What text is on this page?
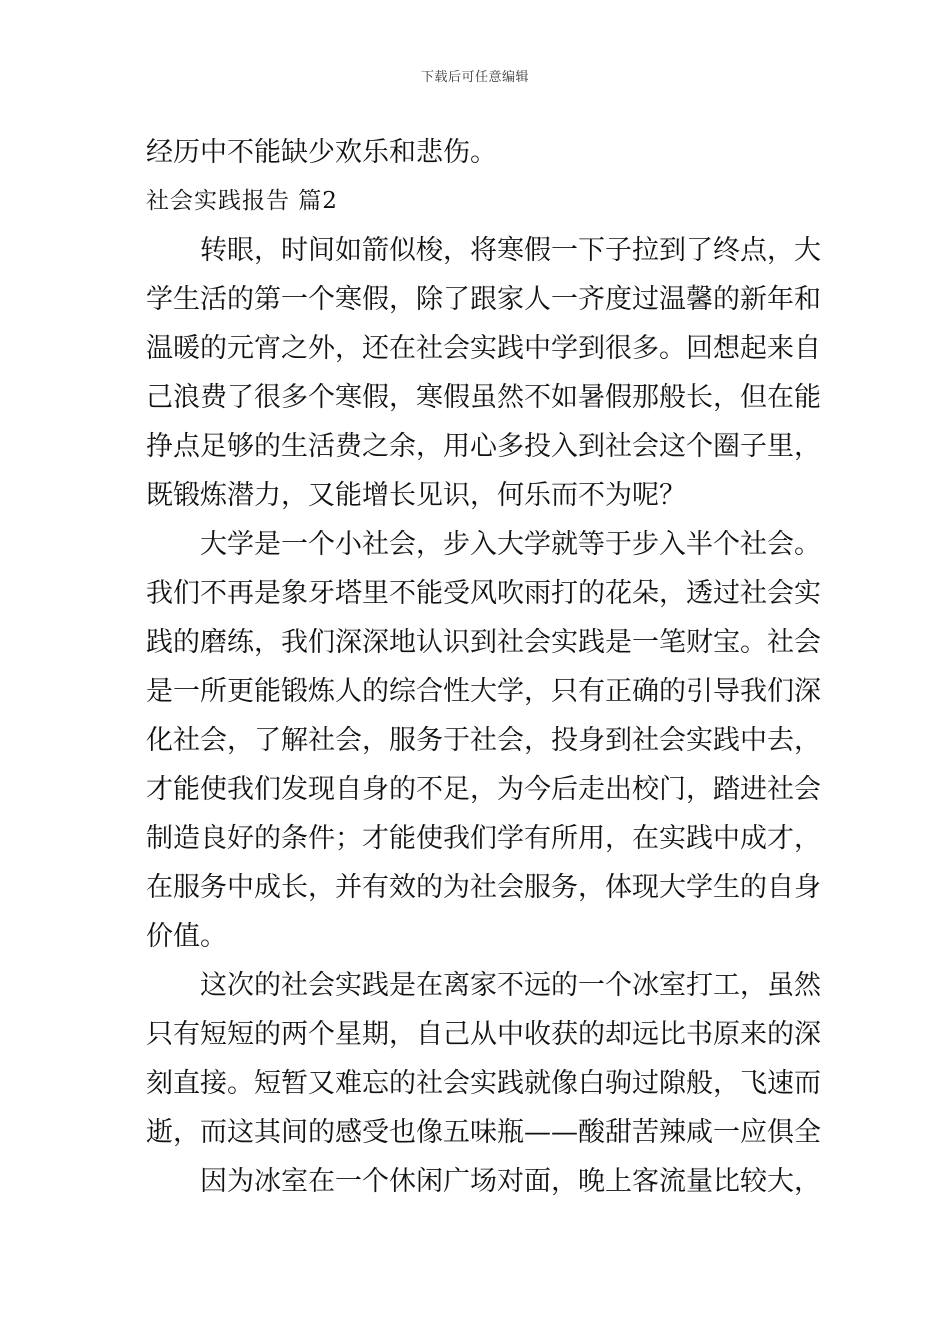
下载后可任意编辑
经历中不能缺少欢乐和悲伤。
社会实践报告 篇2
转眼，时间如箭似梭，将寒假一下子拉到了终点，大
学生活的第一个寒假，除了跟家人一齐度过温馨的新年和
温暖的元宵之外，还在社会实践中学到很多。回想起来自
己浪费了很多个寒假，寒假虽然不如暑假那般长，但在能
挣点足够的生活费之余，用心多投入到社会这个圈子里，
既锻炼潜力，又能增长见识，何乐而不为呢？
大学是一个小社会，步入大学就等于步入半个社会。
我们不再是象牙塔里不能受风吹雨打的花朵，透过社会实
践的磨练，我们深深地认识到社会实践是一笔财宝。社会
是一所更能锻炼人的综合性大学，只有正确的引导我们深
化社会，了解社会，服务于社会，投身到社会实践中去，
才能使我们发现自身的不足，为今后走出校门，踏进社会
制造良好的条件；才能使我们学有所用，在实践中成才，
在服务中成长，并有效的为社会服务，体现大学生的自身
价值。
这次的社会实践是在离家不远的一个冰室打工，虽然
只有短短的两个星期，自己从中收获的却远比书原来的深
刻直接。短暂又难忘的社会实践就像白驹过隙般，飞速而
逝，而这其间的感受也像五味瓶——酸甜苦辣咸一应俱全
因为冰室在一个休闲广场对面，晚上客流量比较大，
